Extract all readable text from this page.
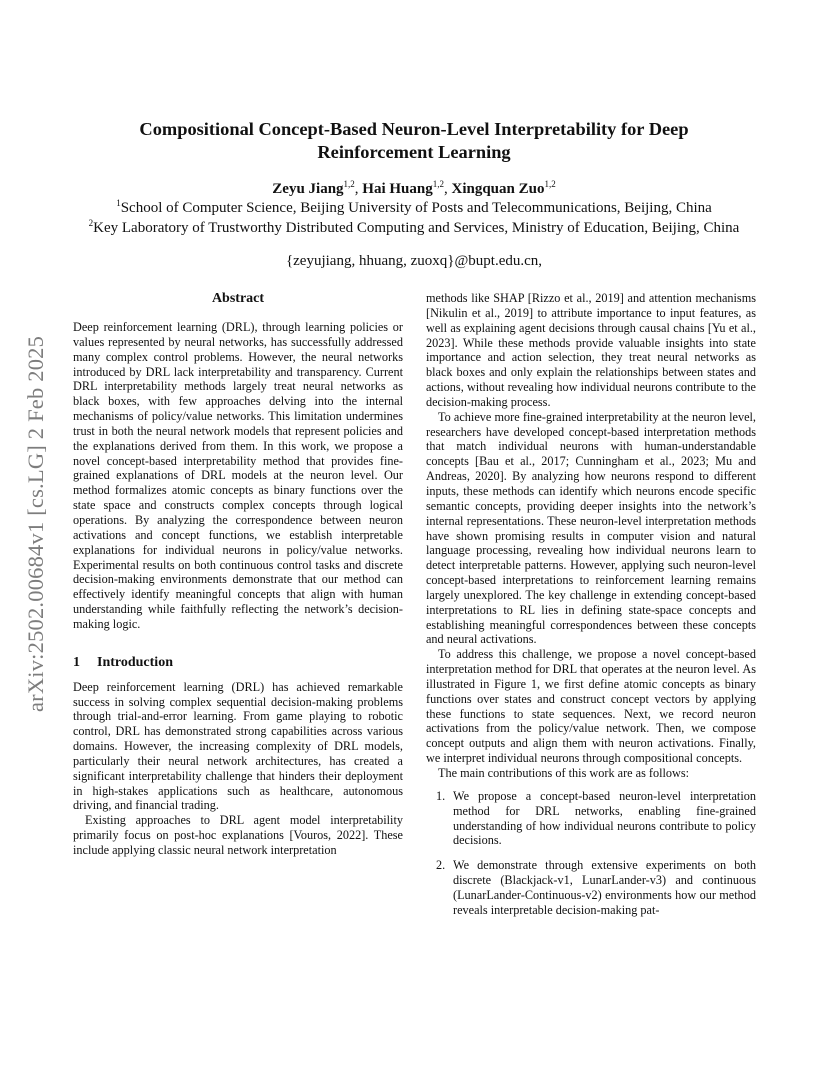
arXiv:2502.00684v1 [cs.LG] 2 Feb 2025
Compositional Concept-Based Neuron-Level Interpretability for Deep Reinforcement Learning
Zeyu Jiang$^{1,2}$, Hai Huang$^{1,2}$, Xingquan Zuo$^{1,2}$
$^1$School of Computer Science, Beijing University of Posts and Telecommunications, Beijing, China
$^2$Key Laboratory of Trustworthy Distributed Computing and Services, Ministry of Education, Beijing, China
{zeyujiang, hhuang, zuoxq}@bupt.edu.cn,
Abstract

Deep reinforcement learning (DRL), through learning policies or values represented by neural networks, has successfully addressed many complex control problems. However, the neural networks introduced by DRL lack interpretability and transparency. Current DRL interpretability methods largely treat neural networks as black boxes, with few approaches delving into the internal mechanisms of policy/value networks. This limitation undermines trust in both the neural network models that represent policies and the explanations derived from them. In this work, we propose a novel concept-based interpretability method that provides fine-grained explanations of DRL models at the neuron level. Our method formalizes atomic concepts as binary functions over the state space and constructs complex concepts through logical operations. By analyzing the correspondence between neuron activations and concept functions, we establish interpretable explanations for individual neurons in policy/value networks. Experimental results on both continuous control tasks and discrete decision-making environments demonstrate that our method can effectively identify meaningful concepts that align with human understanding while faithfully reflecting the network’s decision-making logic.

1 Introduction

Deep reinforcement learning (DRL) has achieved remarkable success in solving complex sequential decision-making problems through trial-and-error learning. From game playing to robotic control, DRL has demonstrated strong capabilities across various domains. However, the increasing complexity of DRL models, particularly their neural network architectures, has created a significant interpretability challenge that hinders their deployment in high-stakes applications such as healthcare, autonomous driving, and financial trading.

Existing approaches to DRL agent model interpretability primarily focus on post-hoc explanations [Vouros, 2022]. These include applying classic neural network interpretation

methods like SHAP [Rizzo et al., 2019] and attention mechanisms [Nikulin et al., 2019] to attribute importance to input features, as well as explaining agent decisions through causal chains [Yu et al., 2023]. While these methods provide valuable insights into state importance and action selection, they treat neural networks as black boxes and only explain the relationships between states and actions, without revealing how individual neurons contribute to the decision-making process.

To achieve more fine-grained interpretability at the neuron level, researchers have developed concept-based interpretation methods that match individual neurons with human-understandable concepts [Bau et al., 2017; Cunningham et al., 2023; Mu and Andreas, 2020]. By analyzing how neurons respond to different inputs, these methods can identify which neurons encode specific semantic concepts, providing deeper insights into the network’s internal representations. These neuron-level interpretation methods have shown promising results in computer vision and natural language processing, revealing how individual neurons learn to detect interpretable patterns. However, applying such neuron-level concept-based interpretations to reinforcement learning remains largely unexplored. The key challenge in extending concept-based interpretations to RL lies in defining state-space concepts and establishing meaningful correspondences between these concepts and neural activations.

To address this challenge, we propose a novel concept-based interpretation method for DRL that operates at the neuron level. As illustrated in Figure 1, we first define atomic concepts as binary functions over states and construct concept vectors by applying these functions to state sequences. Next, we record neuron activations from the policy/value network. Then, we compose concept outputs and align them with neuron activations. Finally, we interpret individual neurons through compositional concepts.

The main contributions of this work are as follows:

1. We propose a concept-based neuron-level interpretation method for DRL networks, enabling fine-grained understanding of how individual neurons contribute to policy decisions.
2. We demonstrate through extensive experiments on both discrete (Blackjack-v1, LunarLander-v3) and continuous (LunarLander-Continuous-v2) environments how our method reveals interpretable decision-making pat-
